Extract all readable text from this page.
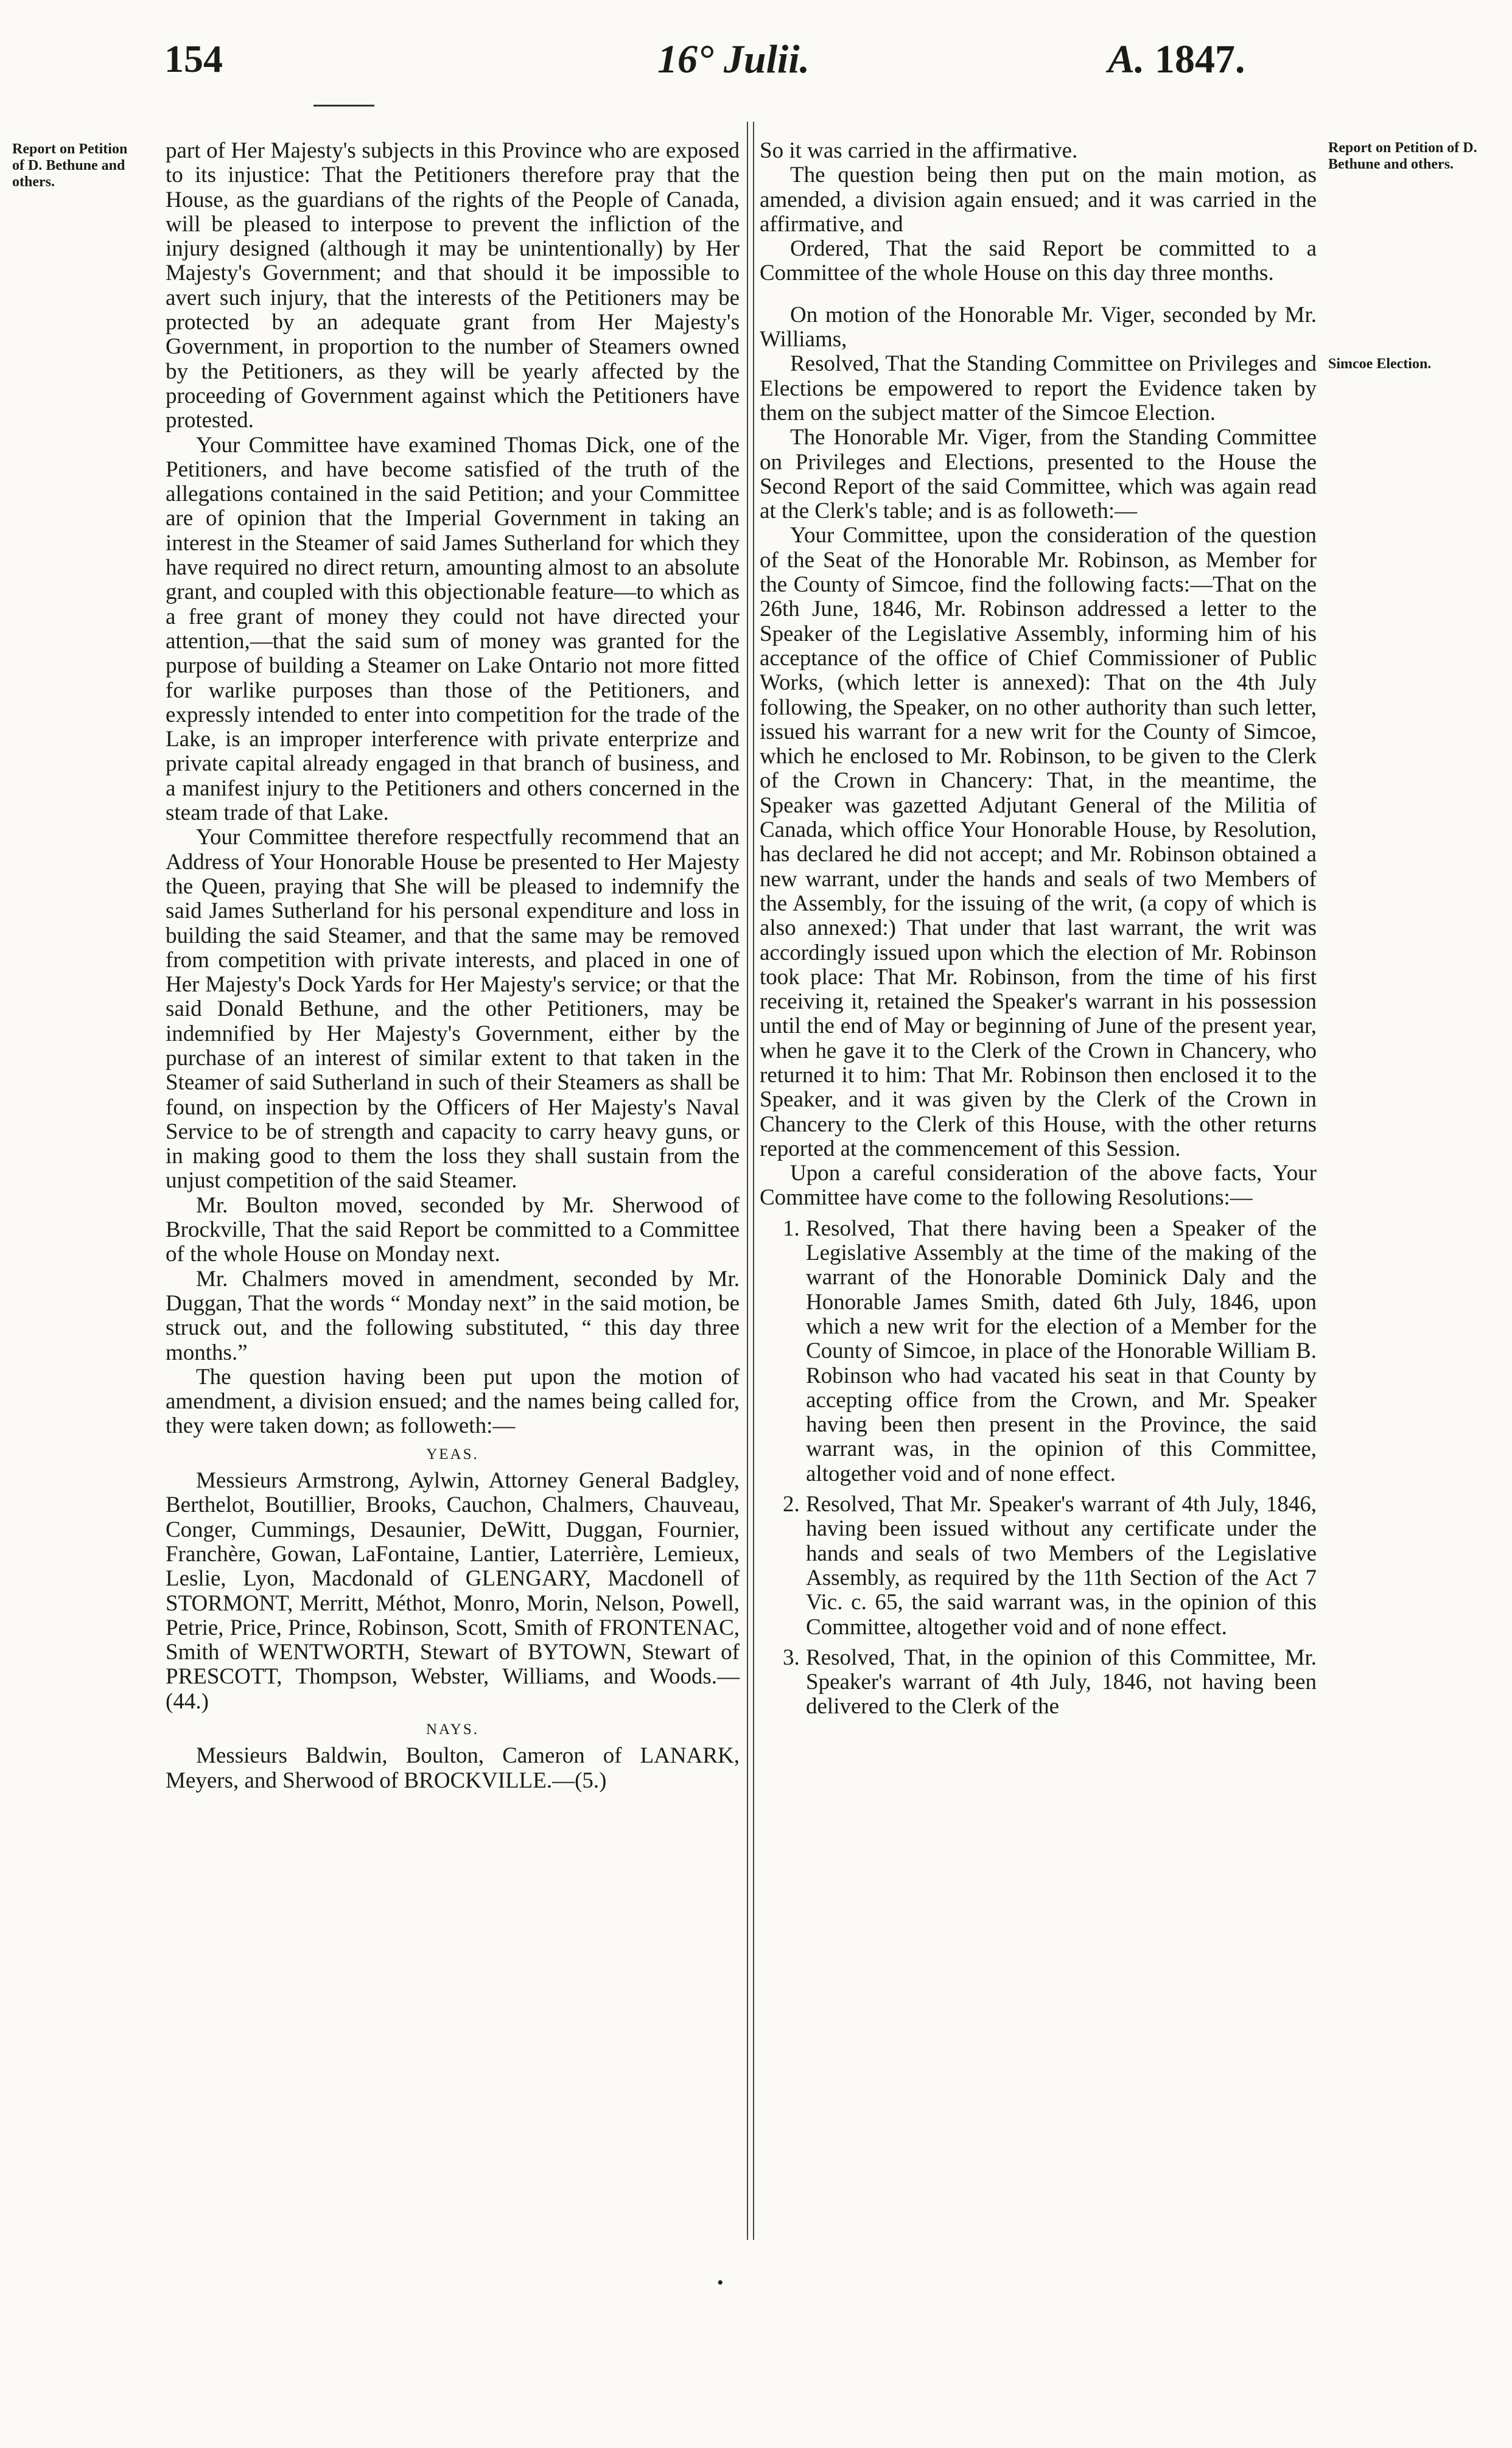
154	16° Julii.	A. 1847.
Report on Petition of D. Bethune and others.
Report on Petition of D. Bethune and others.
Simcoe Election.

part of Her Majesty's subjects in this Province who are exposed to its injustice: That the Petitioners therefore pray that the House, as the guardians of the rights of the People of Canada, will be pleased to interpose to prevent the infliction of the injury designed (although it may be unintentionally) by Her Majesty's Government; and that should it be impossible to avert such injury, that the interests of the Petitioners may be protected by an adequate grant from Her Majesty's Government, in proportion to the number of Steamers owned by the Petitioners, as they will be yearly affected by the proceeding of Government against which the Petitioners have protested.

Your Committee have examined Thomas Dick, one of the Petitioners, and have become satisfied of the truth of the allegations contained in the said Petition; and your Committee are of opinion that the Imperial Government in taking an interest in the Steamer of said James Sutherland for which they have required no direct return, amounting almost to an absolute grant, and coupled with this objectionable feature—to which as a free grant of money they could not have directed your attention,—that the said sum of money was granted for the purpose of building a Steamer on Lake Ontario not more fitted for warlike purposes than those of the Petitioners, and expressly intended to enter into competition for the trade of the Lake, is an improper interference with private enterprize and private capital already engaged in that branch of business, and a manifest injury to the Petitioners and others concerned in the steam trade of that Lake.

Your Committee therefore respectfully recommend that an Address of Your Honorable House be presented to Her Majesty the Queen, praying that She will be pleased to indemnify the said James Sutherland for his personal expenditure and loss in building the said Steamer, and that the same may be removed from competition with private interests, and placed in one of Her Majesty's Dock Yards for Her Majesty's service; or that the said Donald Bethune, and the other Petitioners, may be indemnified by Her Majesty's Government, either by the purchase of an interest of similar extent to that taken in the Steamer of said Sutherland in such of their Steamers as shall be found, on inspection by the Officers of Her Majesty's Naval Service to be of strength and capacity to carry heavy guns, or in making good to them the loss they shall sustain from the unjust competition of the said Steamer.

Mr. Boulton moved, seconded by Mr. Sherwood of Brockville, That the said Report be committed to a Committee of the whole House on Monday next.

Mr. Chalmers moved in amendment, seconded by Mr. Duggan, That the words “ Monday next” in the said motion, be struck out, and the following substituted, “ this day three months.”

The question having been put upon the motion of amendment, a division ensued; and the names being called for, they were taken down; as followeth:—

YEAS.

Messieurs Armstrong, Aylwin, Attorney General Badgley, Berthelot, Boutillier, Brooks, Cauchon, Chalmers, Chauveau, Conger, Cummings, Desaunier, DeWitt, Duggan, Fournier, Franchère, Gowan, LaFontaine, Lantier, Laterrière, Lemieux, Leslie, Lyon, Macdonald of GLENGARY, Macdonell of STORMONT, Merritt, Méthot, Monro, Morin, Nelson, Powell, Petrie, Price, Prince, Robinson, Scott, Smith of FRONTENAC, Smith of WENTWORTH, Stewart of BYTOWN, Stewart of PRESCOTT, Thompson, Webster, Williams, and Woods.—(44.)

NAYS.

Messieurs Baldwin, Boulton, Cameron of LANARK, Meyers, and Sherwood of BROCKVILLE.—(5.)

So it was carried in the affirmative.

The question being then put on the main motion, as amended, a division again ensued; and it was carried in the affirmative, and

Ordered, That the said Report be committed to a Committee of the whole House on this day three months.

On motion of the Honorable Mr. Viger, seconded by Mr. Williams,

Resolved, That the Standing Committee on Privileges and Elections be empowered to report the Evidence taken by them on the subject matter of the Simcoe Election.

The Honorable Mr. Viger, from the Standing Committee on Privileges and Elections, presented to the House the Second Report of the said Committee, which was again read at the Clerk's table; and is as followeth:—

Your Committee, upon the consideration of the question of the Seat of the Honorable Mr. Robinson, as Member for the County of Simcoe, find the following facts:—That on the 26th June, 1846, Mr. Robinson addressed a letter to the Speaker of the Legislative Assembly, informing him of his acceptance of the office of Chief Commissioner of Public Works, (which letter is annexed): That on the 4th July following, the Speaker, on no other authority than such letter, issued his warrant for a new writ for the County of Simcoe, which he enclosed to Mr. Robinson, to be given to the Clerk of the Crown in Chancery: That, in the meantime, the Speaker was gazetted Adjutant General of the Militia of Canada, which office Your Honorable House, by Resolution, has declared he did not accept; and Mr. Robinson obtained a new warrant, under the hands and seals of two Members of the Assembly, for the issuing of the writ, (a copy of which is also annexed:) That under that last warrant, the writ was accordingly issued upon which the election of Mr. Robinson took place: That Mr. Robinson, from the time of his first receiving it, retained the Speaker's warrant in his possession until the end of May or beginning of June of the present year, when he gave it to the Clerk of the Crown in Chancery, who returned it to him: That Mr. Robinson then enclosed it to the Speaker, and it was given by the Clerk of the Crown in Chancery to the Clerk of this House, with the other returns reported at the commencement of this Session.

Upon a careful consideration of the above facts, Your Committee have come to the following Resolutions:—

1. Resolved, That there having been a Speaker of the Legislative Assembly at the time of the making of the warrant of the Honorable Dominick Daly and the Honorable James Smith, dated 6th July, 1846, upon which a new writ for the election of a Member for the County of Simcoe, in place of the Honorable William B. Robinson who had vacated his seat in that County by accepting office from the Crown, and Mr. Speaker having been then present in the Province, the said warrant was, in the opinion of this Committee, altogether void and of none effect.
2. Resolved, That Mr. Speaker's warrant of 4th July, 1846, having been issued without any certificate under the hands and seals of two Members of the Legislative Assembly, as required by the 11th Section of the Act 7 Vic. c. 65, the said warrant was, in the opinion of this Committee, altogether void and of none effect.
3. Resolved, That, in the opinion of this Committee, Mr. Speaker's warrant of 4th July, 1846, not having been delivered to the Clerk of the
•
